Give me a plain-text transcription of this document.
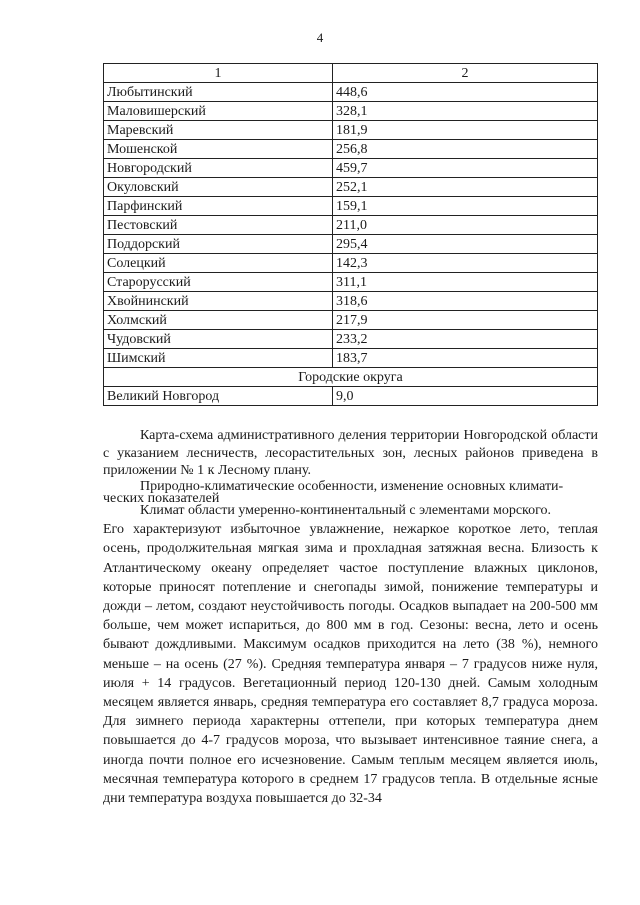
4
1	2
Любытинский	448,6
Маловишерский	328,1
Маревский	181,9
Мошенской	256,8
Новгородский	459,7
Окуловский	252,1
Парфинский	159,1
Пестовский	211,0
Поддорский	295,4
Солецкий	142,3
Старорусский	311,1
Хвойнинский	318,6
Холмский	217,9
Чудовский	233,2
Шимский	183,7
Городские округа	
Великий Новгород	9,0

Карта-схема административного деления территории Новгородской области с указанием лесничеств, лесорастительных зон, лесных районов приведена в приложении № 1 к Лесному плану.

Природно-климатические особенности, изменение основных климати-

ческих показателей

Климат области умеренно-континентальный с элементами морского.

Его характеризуют избыточное увлажнение, нежаркое короткое лето, теплая осень, продолжительная мягкая зима и прохладная затяжная весна. Близость к Атлантическому океану определяет частое поступление влажных циклонов, которые приносят потепление и снегопады зимой, понижение температуры и дожди – летом, создают неустойчивость погоды. Осадков выпадает на 200-500 мм больше, чем может испариться, до 800 мм в год. Сезоны: весна, лето и осень бывают дождливыми. Максимум осадков приходится на лето (38 %), немного меньше – на осень (27 %). Средняя температура января – 7 градусов ниже нуля, июля + 14 градусов. Вегетационный период 120-130 дней. Самым холодным месяцем является январь, средняя температура его составляет 8,7 градуса мороза. Для зимнего периода характерны оттепели, при которых температура днем повышается до 4-7 градусов мороза, что вызывает интенсивное таяние снега, а иногда почти полное его исчезновение. Самым теплым месяцем является июль, месячная температура которого в среднем 17 градусов тепла. В отдельные ясные дни температура воздуха повышается до 32-34
